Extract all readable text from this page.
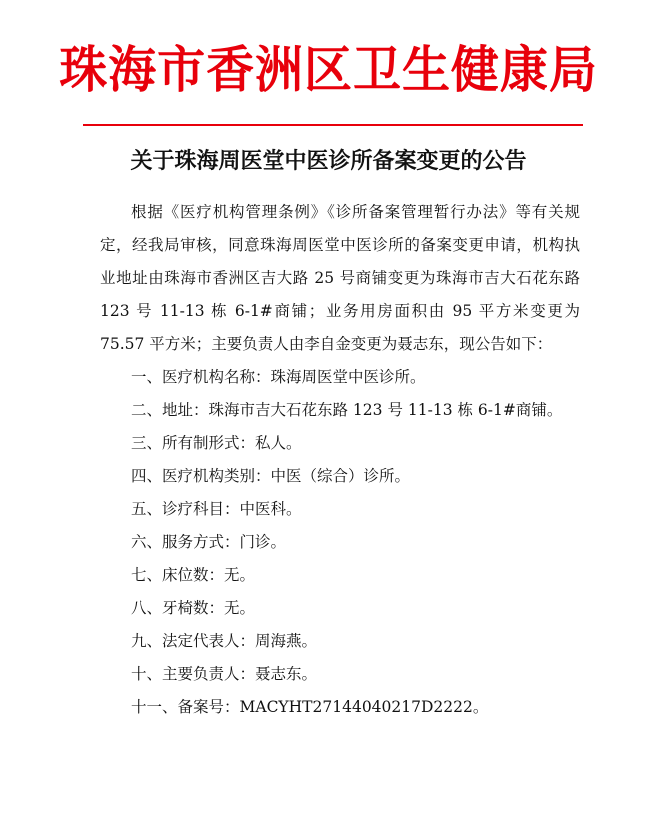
珠海市香洲区卫生健康局
关于珠海周医堂中医诊所备案变更的公告

根据《医疗机构管理条例》《诊所备案管理暂行办法》等有关规定，经我局审核，同意珠海周医堂中医诊所的备案变更申请，机构执业地址由珠海市香洲区吉大路 25 号商铺变更为珠海市吉大石花东路 123 号 11-13 栋 6-1#商铺；业务用房面积由 95 平方米变更为 75.57 平方米；主要负责人由李自金变更为聂志东，现公告如下：

一、医疗机构名称：珠海周医堂中医诊所。

二、地址：珠海市吉大石花东路 123 号 11-13 栋 6-1#商铺。

三、所有制形式：私人。

四、医疗机构类别：中医（综合）诊所。

五、诊疗科目：中医科。

六、服务方式：门诊。

七、床位数：无。

八、牙椅数：无。

九、法定代表人：周海燕。

十、主要负责人：聂志东。

十一、备案号：MACYHT27144040217D2222。
